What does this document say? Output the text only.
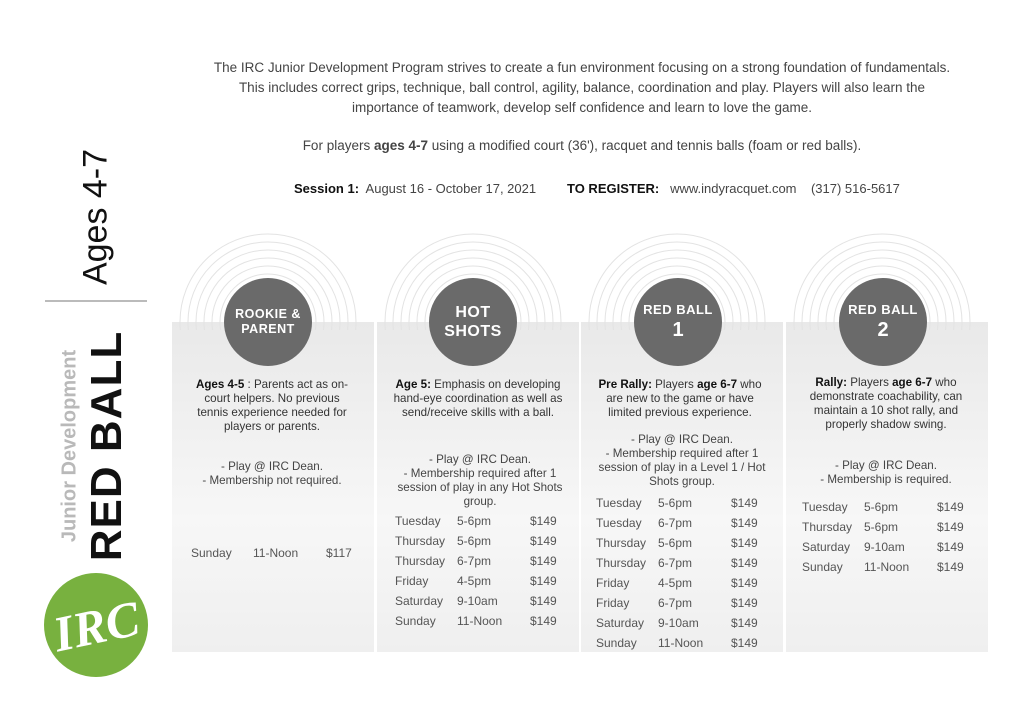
The IRC Junior Development Program strives to create a fun environment focusing on a strong foundation of fundamentals.
This includes correct grips, technique, ball control, agility, balance, coordination and play. Players will also learn the
importance of teamwork, develop self confidence and learn to love the game.
For players ages 4-7 using a modified court (36'), racquet and tennis balls (foam or red balls).
Session 1: August 16 - October 17, 2021 TO REGISTER: www.indyracquet.com (317) 516-5617
Ages 4-7
Junior Development RED BALL
IRC
ROOKIE &
PARENT
HOT
SHOTS
RED BALL
1
RED BALL
2
Ages 4-5 : Parents act as on-court helpers. No previous tennis experience needed for players or parents.
Age 5: Emphasis on developing hand-eye coordination as well as send/receive skills with a ball.
Pre Rally: Players age 6-7 who are new to the game or have limited previous experience.
Rally: Players age 6-7 who demonstrate coachability, can maintain a 10 shot rally, and properly shadow swing.
- Play @ IRC Dean.
- Membership not required.
- Play @ IRC Dean.
- Membership required after 1 session of play in any Hot Shots group.
- Play @ IRC Dean.
- Membership required after 1 session of play in a Level 1 / Hot Shots group.
- Play @ IRC Dean.
- Membership is required.
Sunday 11-Noon $117
Tuesday 5-6pm	$149
Thursday 5-6pm	$149
Thursday 6-7pm	$149
Friday 4-5pm	$149
Saturday 9-10am	$149
Sunday 11-Noon $149
Tuesday 5-6pm	$149
Tuesday 6-7pm	$149
Thursday 5-6pm	$149
Thursday 6-7pm	$149
Friday 4-5pm	$149
Friday 6-7pm	$149
Saturday 9-10am	$149
Sunday 11-Noon $149
Tuesday 5-6pm	$149
Thursday 5-6pm	$149
Saturday 9-10am	$149
Sunday 11-Noon $149
